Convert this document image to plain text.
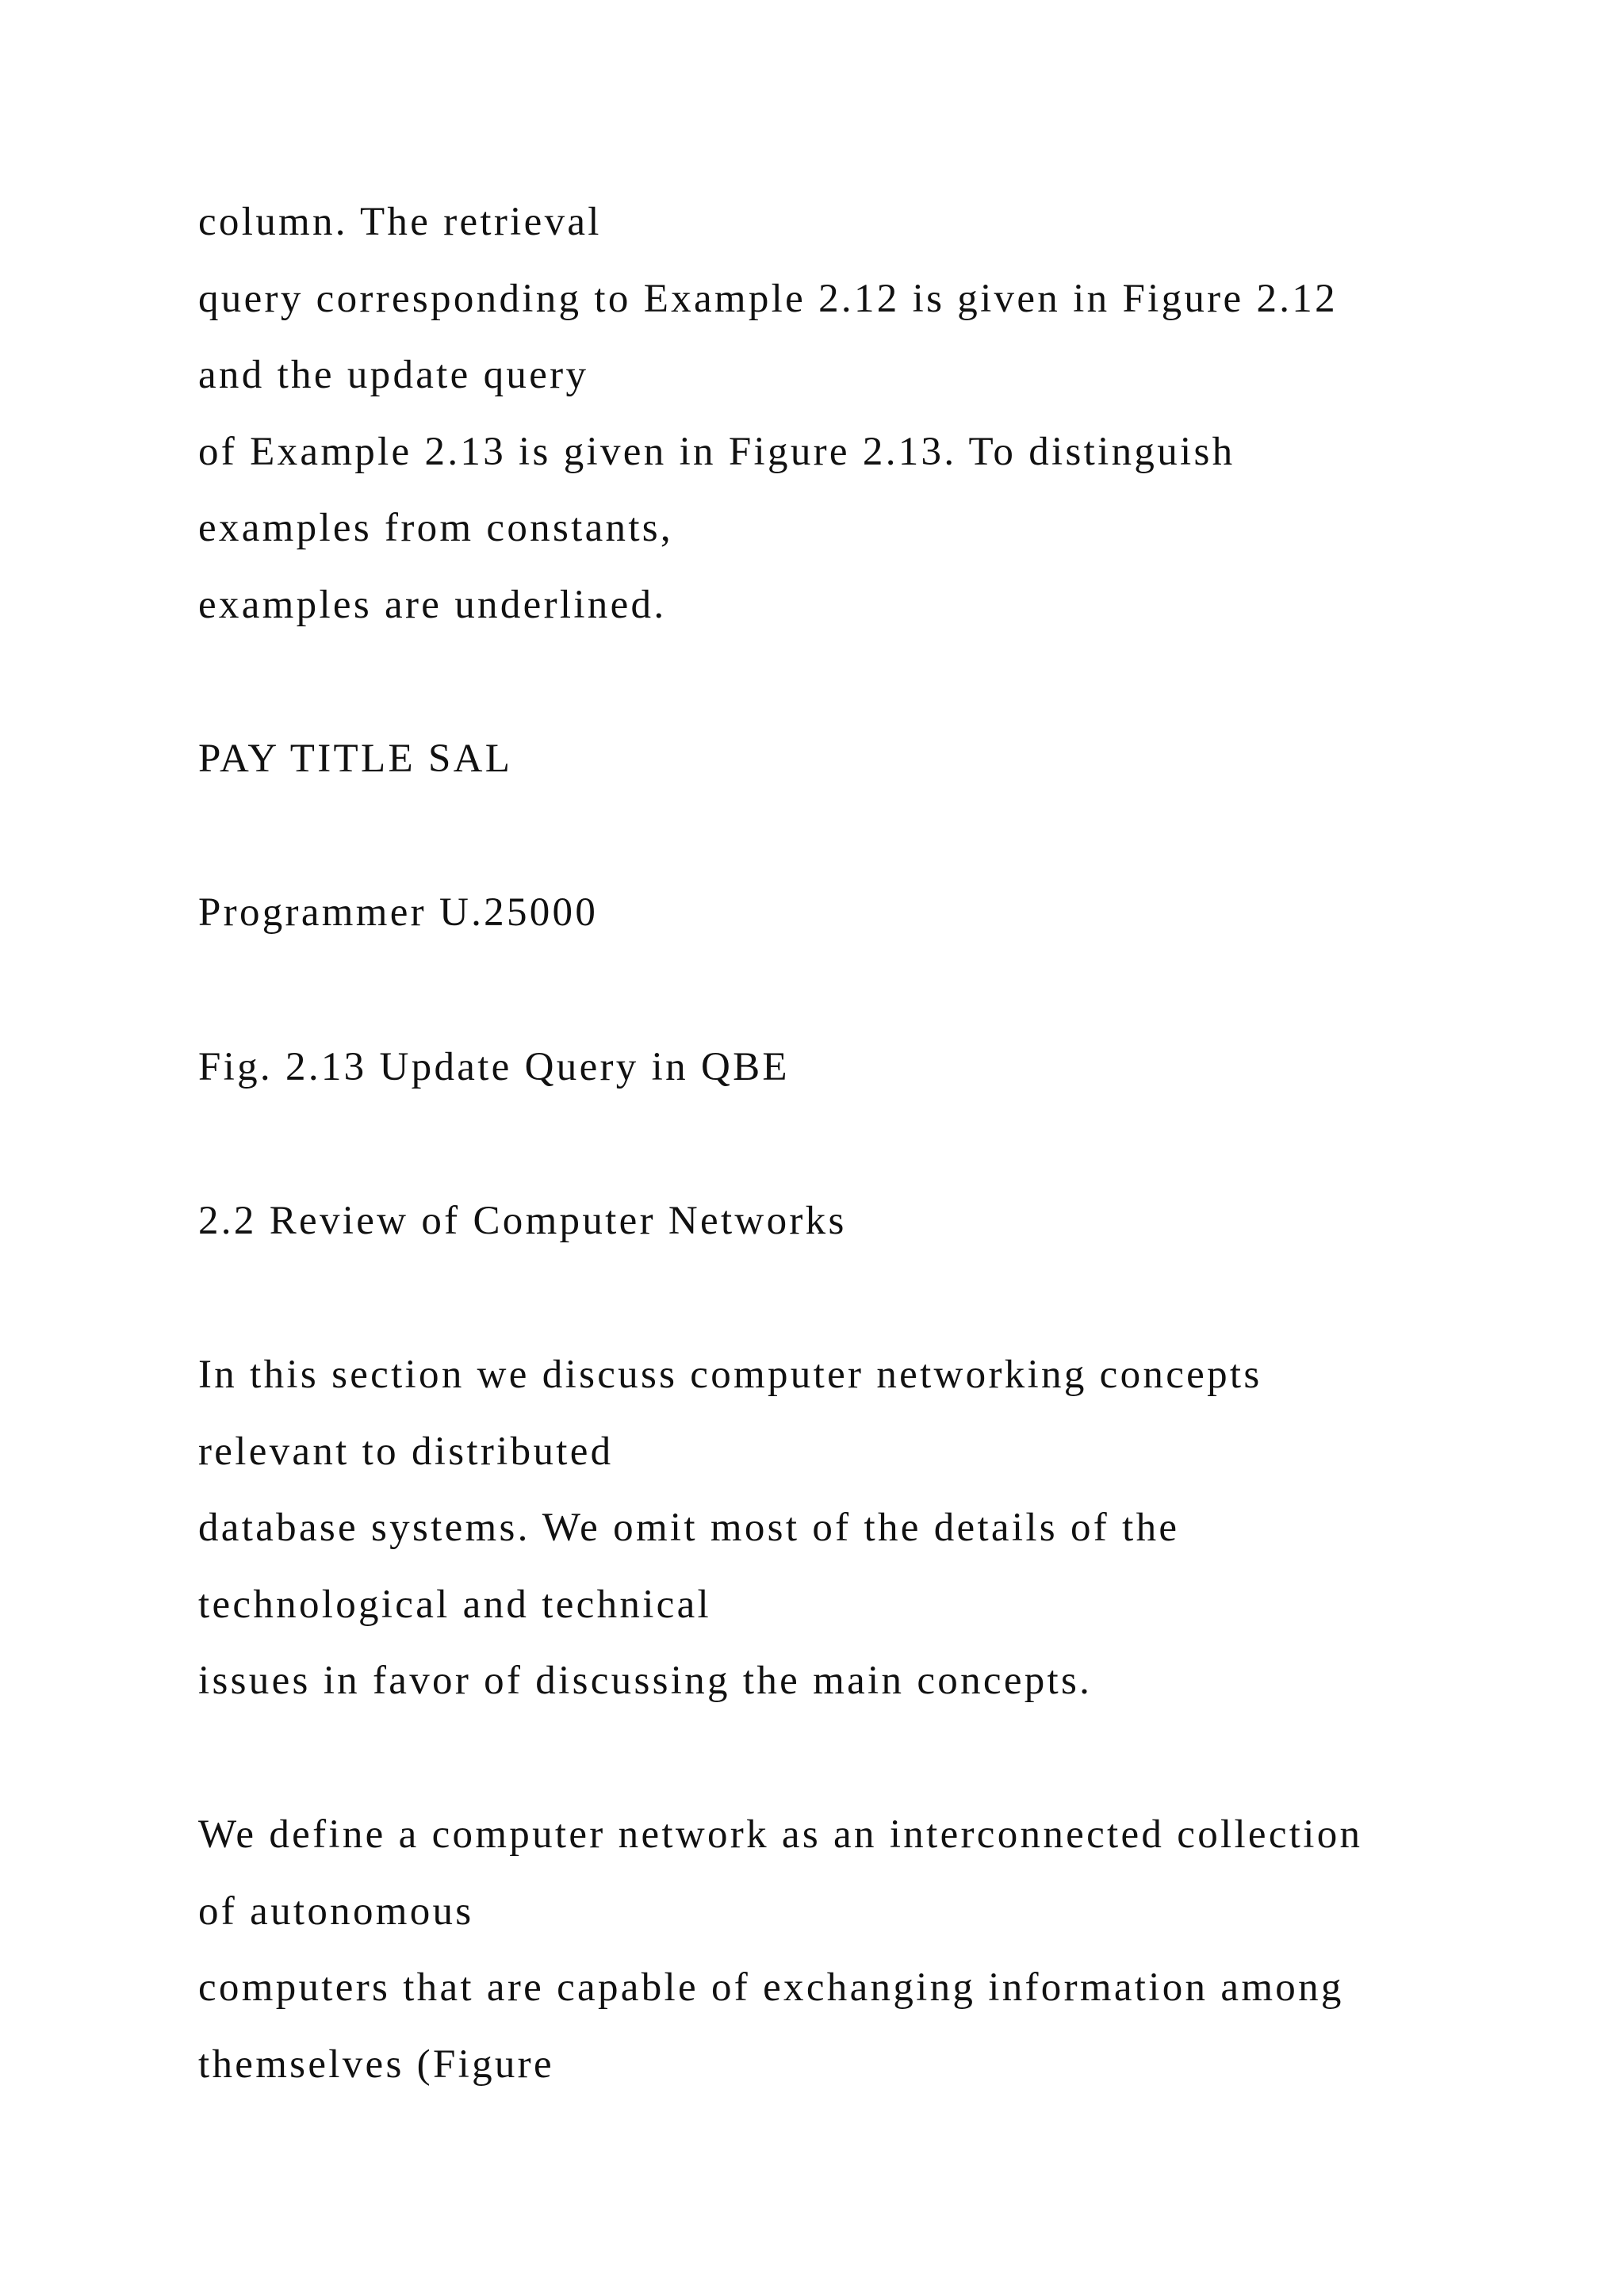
column. The retrieval
query corresponding to Example 2.12 is given in Figure 2.12
and the update query
of Example 2.13 is given in Figure 2.13. To distinguish
examples from constants,
examples are underlined.
PAY TITLE SAL
Programmer U.25000
Fig. 2.13 Update Query in QBE
2.2 Review of Computer Networks
In this section we discuss computer networking concepts
relevant to distributed
database systems. We omit most of the details of the
technological and technical
issues in favor of discussing the main concepts.
We define a computer network as an interconnected collection
of autonomous
computers that are capable of exchanging information among
themselves (Figure
